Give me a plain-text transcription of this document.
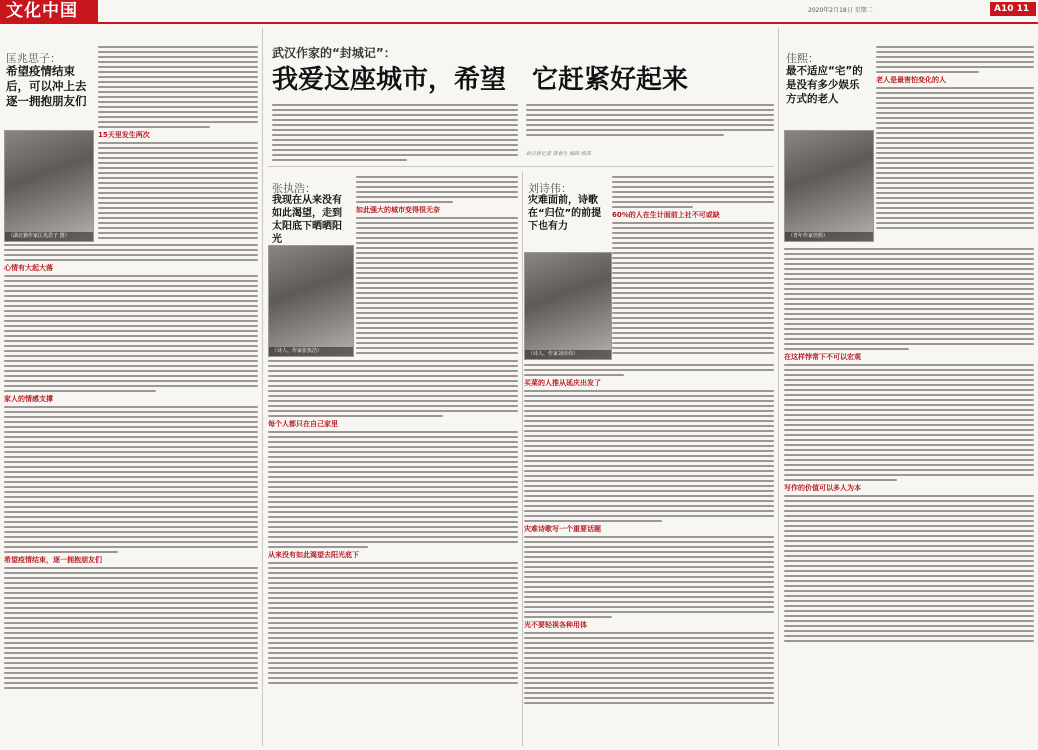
文化中国	2020年2月18日 星期二	A10 11
匡兆思子：
希望疫情结束后，可以冲上去逐一拥抱朋友们
（湖北籍作家匡兆思子 图）
15天里发生两次
心情有大起大落
家人的情感支撑
希望疫情结束，逐一拥抱朋友们
武汉作家的“封城记”：
我爱这座城市，希望　它赶紧好起来
新京报记者 聂春生 编辑 杨茜
张执浩：
我现在从来没有如此渴望，走到太阳底下晒晒阳光
（诗人、作家张执浩）
如此强大的城市变得很无奈
每个人都只在自己家里
从来没有如此渴望去阳光底下
刘诗伟：
灾难面前，诗歌在“归位”的前提下也有力
（诗人、作家刘诗伟）
60%的人在生计面前上社不可或缺
买菜的人推从延庆出发了
灾难诗歌写一个重要话题
光不要轻视各种用体
佳熙：
最不适应“宅”的是没有多少娱乐方式的老人
老人是最害怕变化的人
（青年作家佳熙）
在这样悖常下不可以宏观
写作的价值可以多人为本
